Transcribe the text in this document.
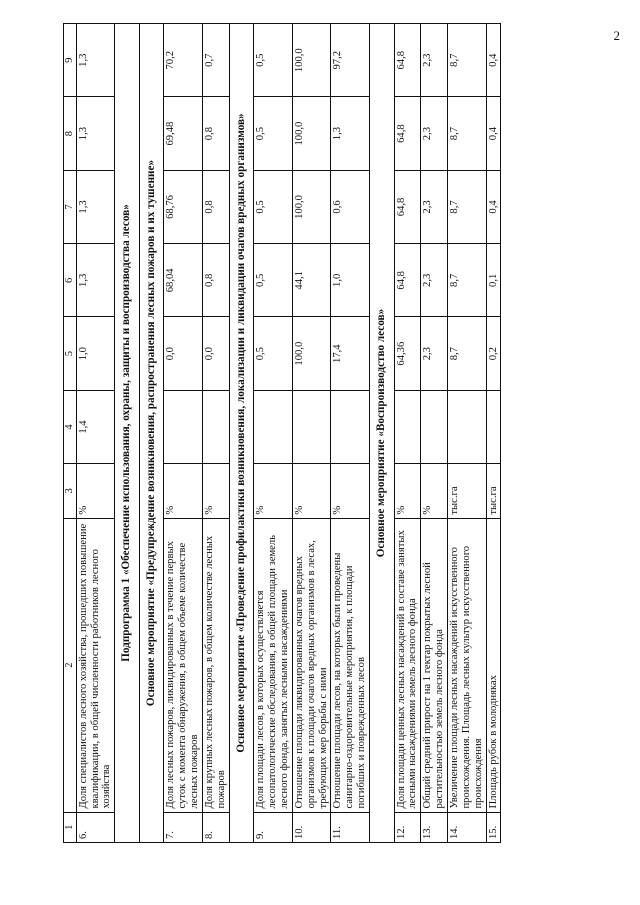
2
1	2	3	4	5	6	7	8	9
6.	Доля специалистов лесного хозяйства, прошедших повышение квалификации, в общей численности работников лесного хозяйства	%	1,4	1,0	1,3	1,3	1,3	1,3
Подпрограмма 1 «Обеспечение использования, охраны, защиты и воспроизводства лесов»								
Основное мероприятие «Предупреждение возникновения, распространения лесных пожаров и их тушение»								
7.	Доля лесных пожаров, ликвидированных в течение первых суток с момента обнаружения, в общем объеме количестве лесных пожаров	%		0,0	68,04	68,76	69,48	70,2
8.	Доля крупных лесных пожаров, в общем количестве лесных пожаров	%		0,0	0,8	0,8	0,8	0,7
Основное мероприятие «Проведение профилактики возникновения, локализации и ликвидации очагов вредных организмов»								
9.	Доля площади лесов, в которых осуществляется лесопатологические обследования, в общей площади земель лесного фонда, занятых лесными насаждениями	%		0,5	0,5	0,5	0,5	0,5
10.	Отношение площади ликвидированных очагов вредных организмов к площади очагов вредных организмов в лесах, требующих мер борьбы с ними	%		100,0	44,1	100,0	100,0	100,0
11.	Отношение площади лесов, на которых были проведены санитарно-оздоровительные мероприятия, к площади погибших и поврежденных лесов	%		17,4	1,0	0,6	1,3	97,2
Основное мероприятие «Воспроизводство лесов»								
12.	Доля площади ценных лесных насаждений в составе занятых лесными насаждениями земель лесного фонда	%		64,36	64,8	64,8	64,8	64,8
13.	Общий средний прирост на 1 гектар покрытых лесной растительностью земель лесного фонда	%		2,3	2,3	2,3	2,3	2,3
14.	Увеличение площади лесных насаждений искусственного происхождения. Площадь лесных культур искусственного происхождения	тыс.га		8,7	8,7	8,7	8,7	8,7
15.	Площадь рубок в молодняках	тыс.га		0,2	0,1	0,4	0,4	0,4
